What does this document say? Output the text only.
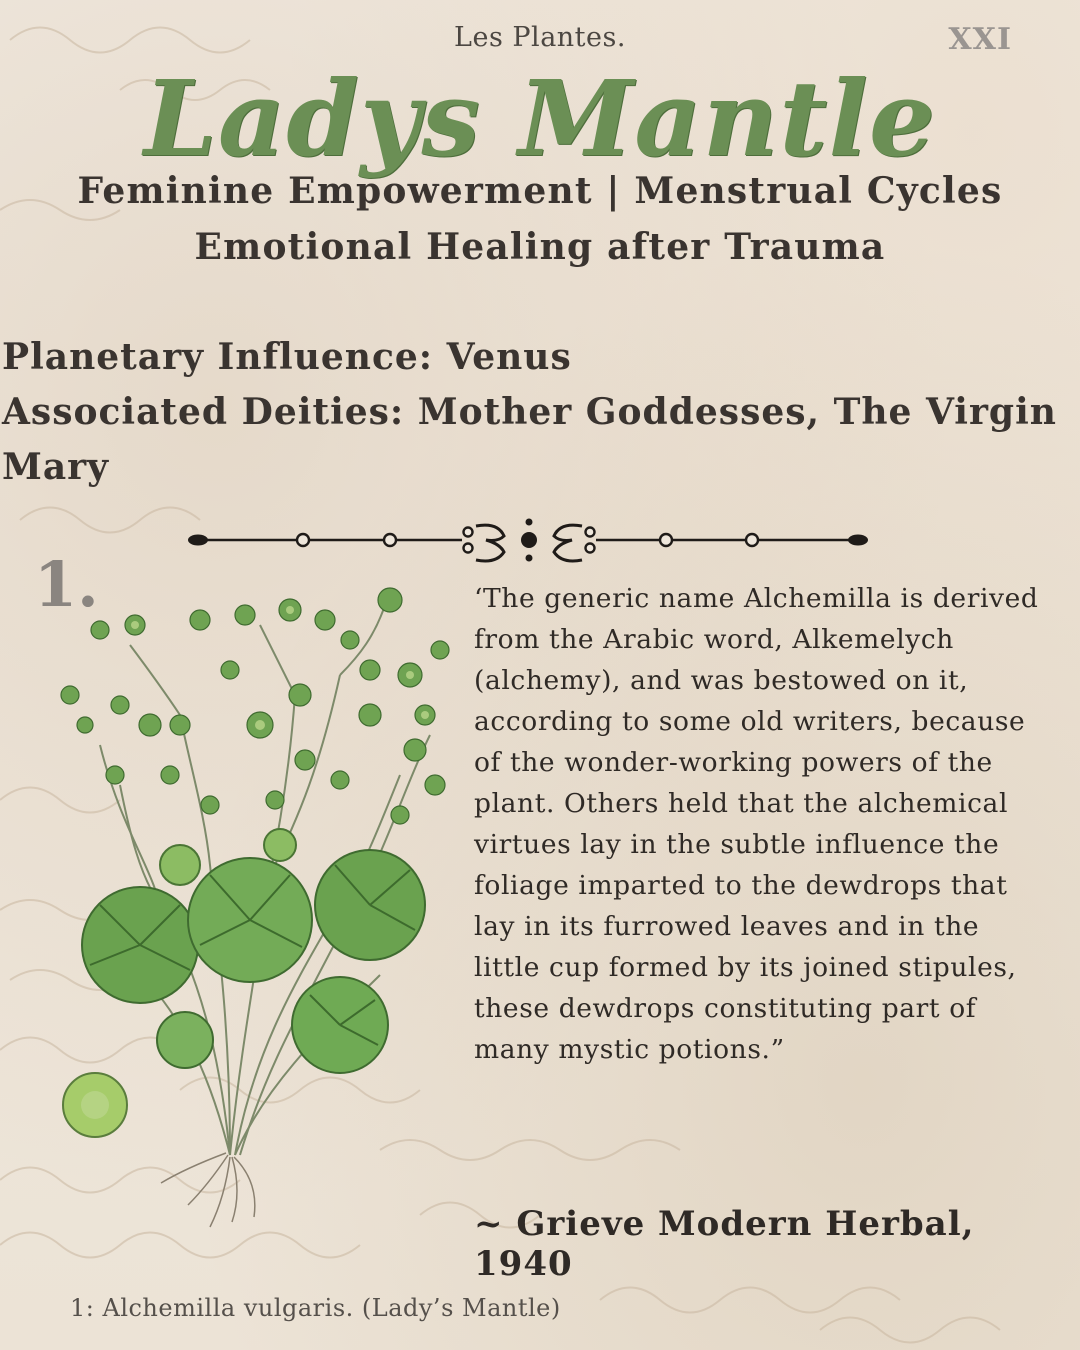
Les Plantes.	XXI
Ladys Mantle
Feminine Empowerment | Menstrual Cycles
Emotional Healing after Trauma
Planetary Influence: Venus
Associated Deities: Mother Goddesses, The Virgin
Mary
1.	‘The generic name Alchemilla is derived from the Arabic word, Alkemelych (alchemy), and was bestowed on it, according to some old writers, because of the wonder-working powers of the plant. Others held that the alchemical virtues lay in the subtle influence the foliage imparted to the dewdrops that lay in its furrowed leaves and in the little cup formed by its joined stipules, these dewdrops constituting part of many mystic potions.”

~ Grieve Modern Herbal, 1940
1: Alchemilla vulgaris. (Lady’s Mantle)
